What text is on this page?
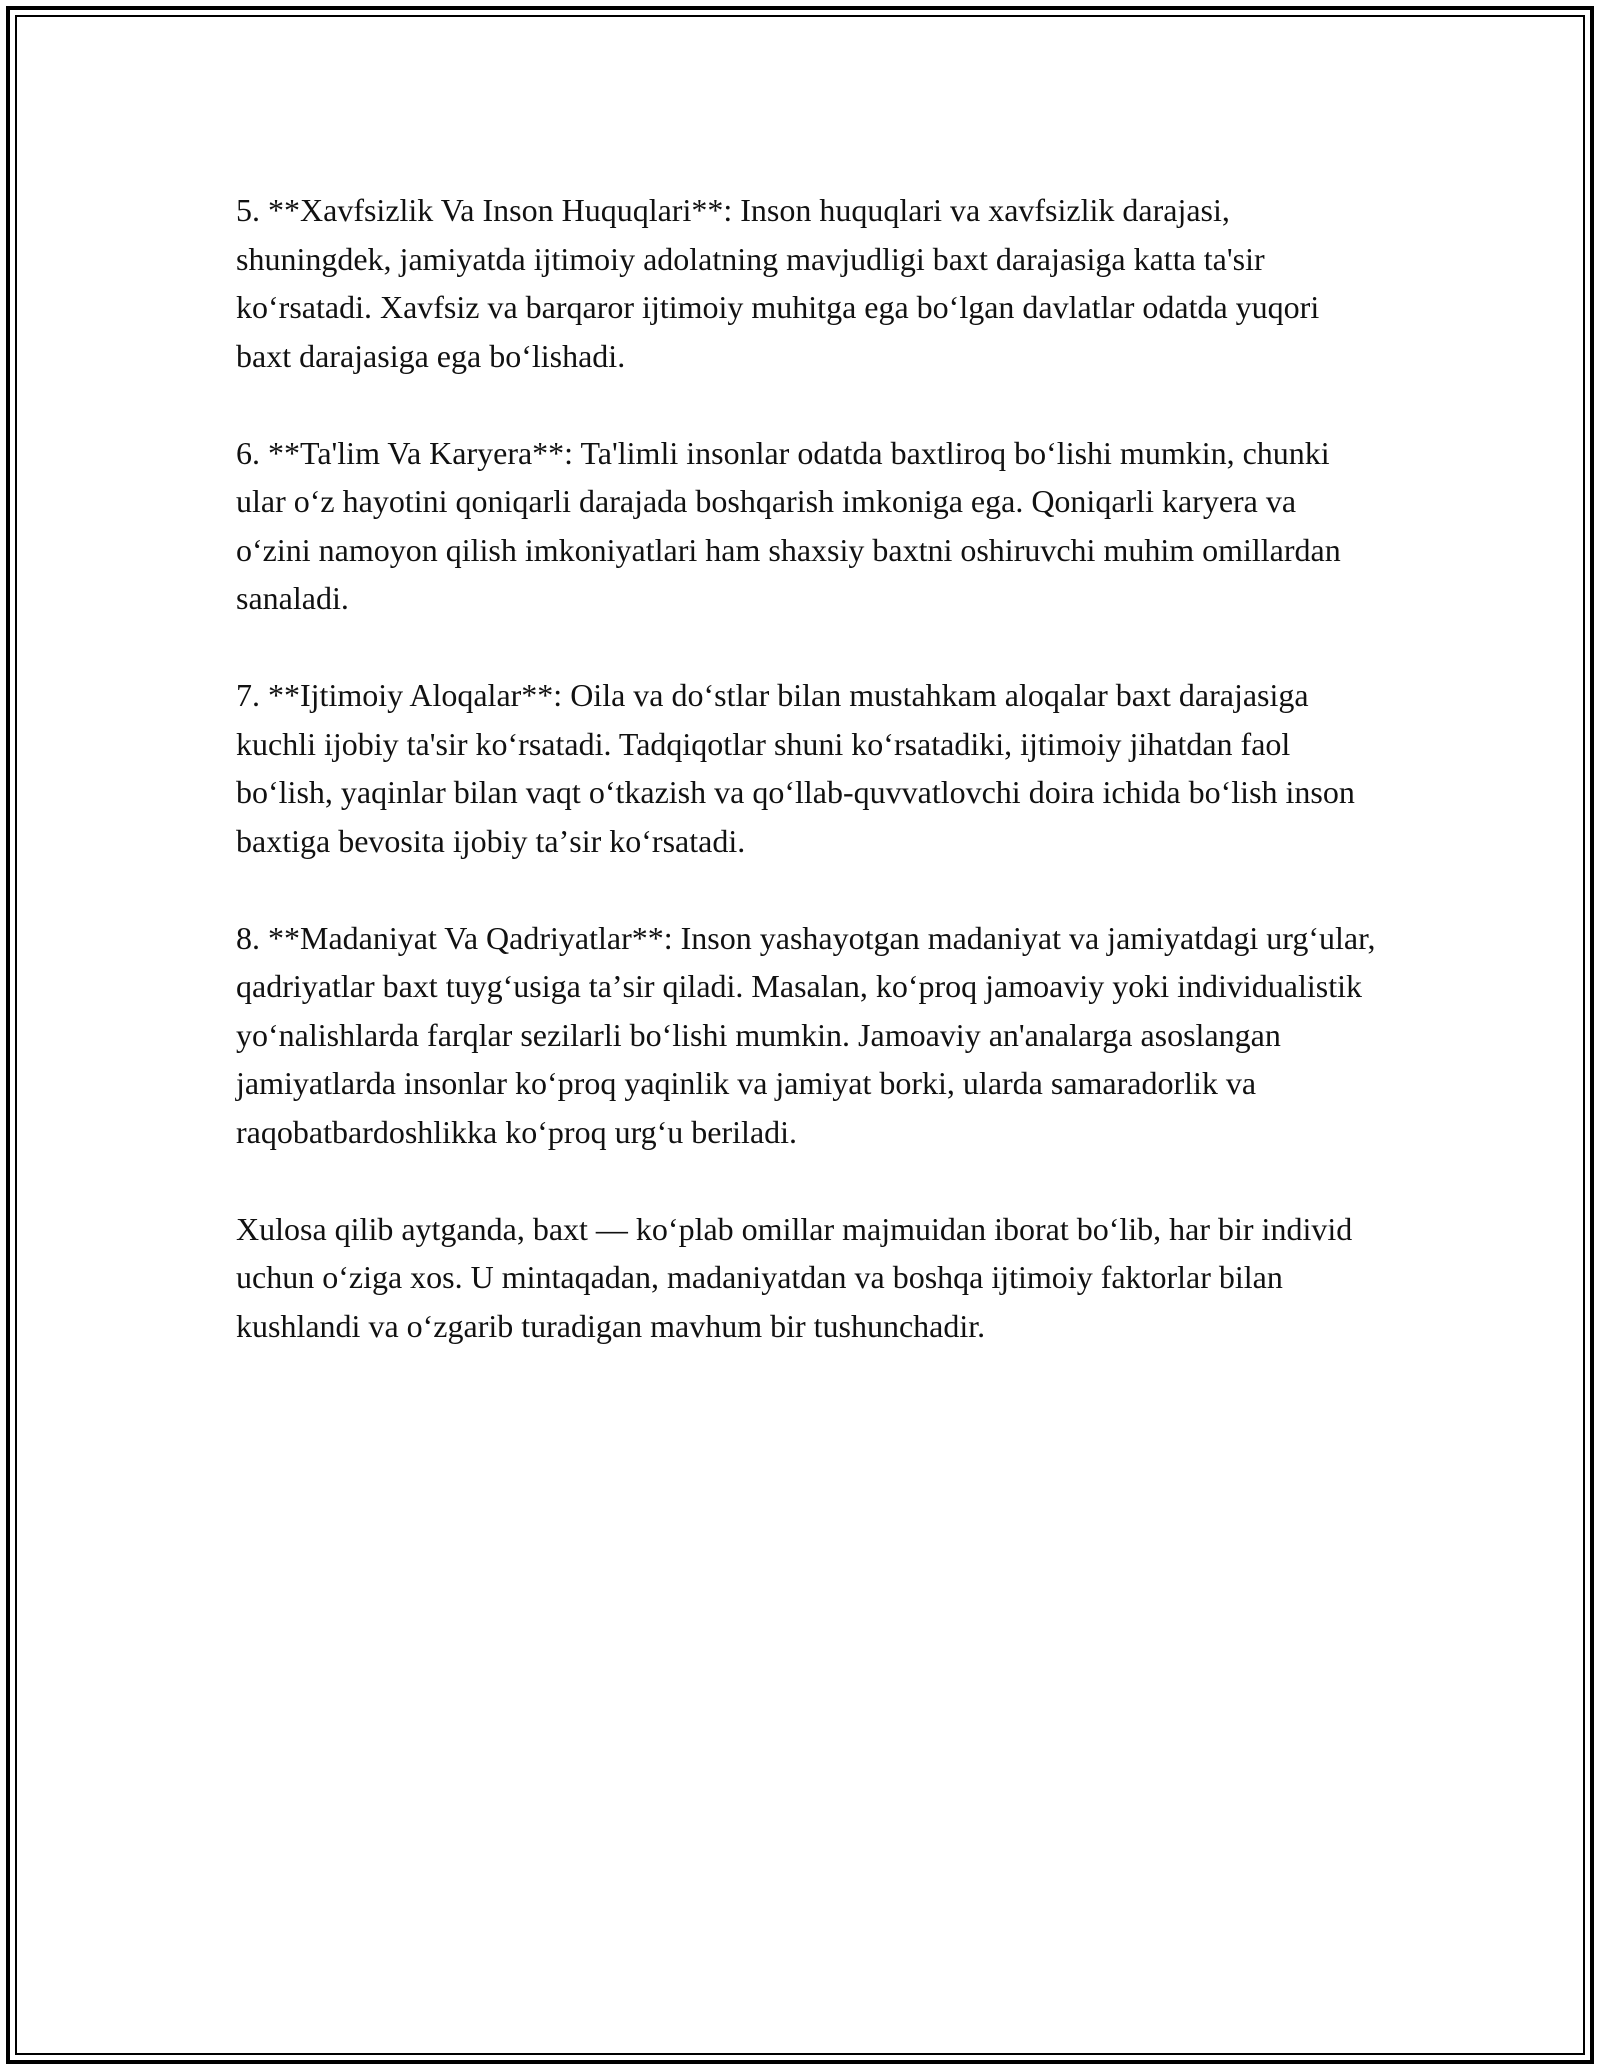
5. **Xavfsizlik Va Inson Huquqlari**: Inson huquqlari va xavfsizlik darajasi, shuningdek, jamiyatda ijtimoiy adolatning mavjudligi baxt darajasiga katta ta'sir koʻrsatadi. Xavfsiz va barqaror ijtimoiy muhitga ega boʻlgan davlatlar odatda yuqori baxt darajasiga ega boʻlishadi.

6. **Ta'lim Va Karyera**: Ta'limli insonlar odatda baxtliroq boʻlishi mumkin, chunki ular oʻz hayotini qoniqarli darajada boshqarish imkoniga ega. Qoniqarli karyera va oʻzini namoyon qilish imkoniyatlari ham shaxsiy baxtni oshiruvchi muhim omillardan sanaladi.

7. **Ijtimoiy Aloqalar**: Oila va doʻstlar bilan mustahkam aloqalar baxt darajasiga kuchli ijobiy ta'sir koʻrsatadi. Tadqiqotlar shuni koʻrsatadiki, ijtimoiy jihatdan faol boʻlish, yaqinlar bilan vaqt oʻtkazish va qoʻllab-quvvatlovchi doira ichida boʻlish inson baxtiga bevosita ijobiy taʼsir koʻrsatadi.

8. **Madaniyat Va Qadriyatlar**: Inson yashayotgan madaniyat va jamiyatdagi urgʻular, qadriyatlar baxt tuygʻusiga taʼsir qiladi. Masalan, koʻproq jamoaviy yoki individualistik yoʻnalishlarda farqlar sezilarli boʻlishi mumkin. Jamoaviy an'analarga asoslangan jamiyatlarda insonlar koʻproq yaqinlik va jamiyat borki, ularda samaradorlik va raqobatbardoshlikka koʻproq urgʻu beriladi.

Xulosa qilib aytganda, baxt — koʻplab omillar majmuidan iborat boʻlib, har bir individ uchun oʻziga xos. U mintaqadan, madaniyatdan va boshqa ijtimoiy faktorlar bilan kushlandi va oʻzgarib turadigan mavhum bir tushunchadir.
